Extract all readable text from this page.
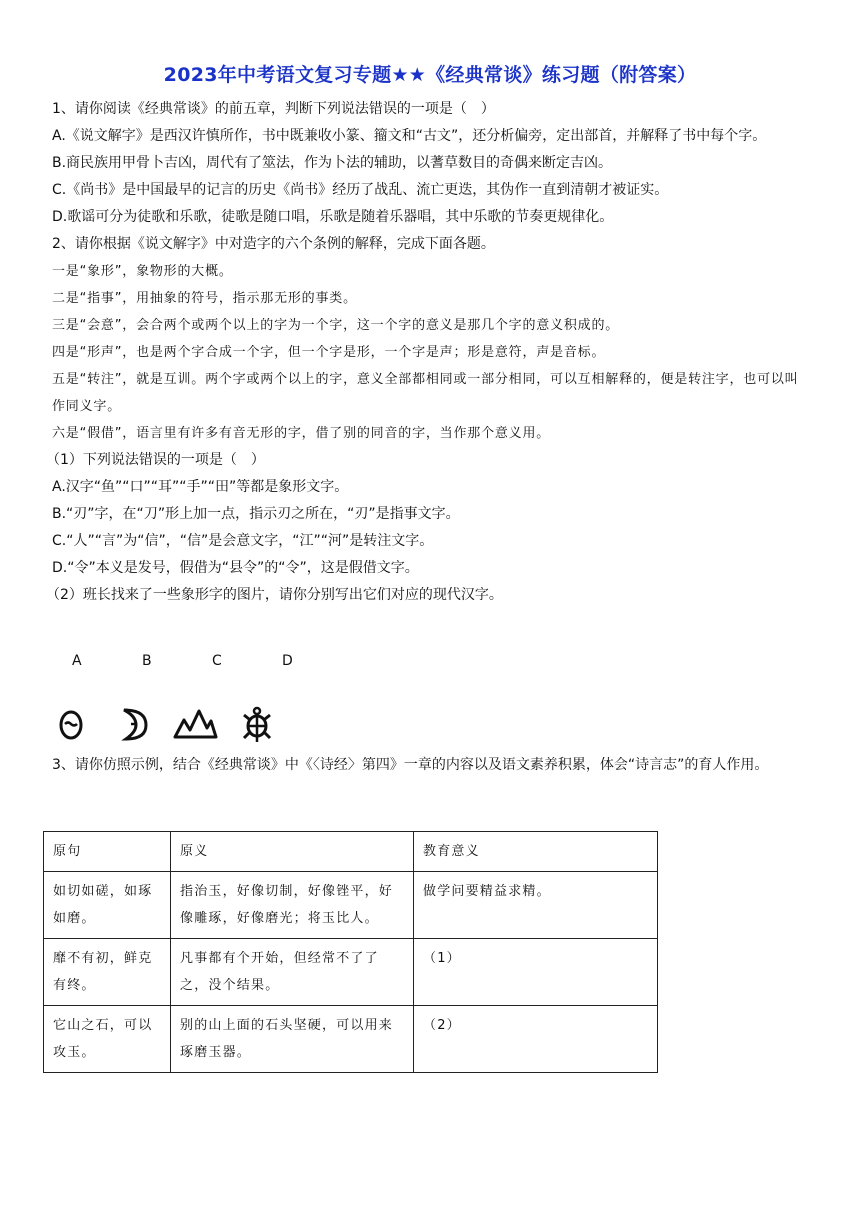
2023年中考语文复习专题★★《经典常谈》练习题（附答案）

1、请你阅读《经典常谈》的前五章，判断下列说法错误的一项是（　）

A.《说文解字》是西汉许慎所作，书中既兼收小篆、籀文和“古文”，还分析偏旁，定出部首，并解释了书中每个字。

B.商民族用甲骨卜吉凶，周代有了筮法，作为卜法的辅助，以蓍草数目的奇偶来断定吉凶。

C.《尚书》是中国最早的记言的历史《尚书》经历了战乱、流亡更迭，其伪作一直到清朝才被证实。

D.歌谣可分为徒歌和乐歌，徒歌是随口唱，乐歌是随着乐器唱，其中乐歌的节奏更规律化。

2、请你根据《说文解字》中对造字的六个条例的解释，完成下面各题。

一是“象形”，象物形的大概。

二是“指事”，用抽象的符号，指示那无形的事类。

三是“会意”，会合两个或两个以上的字为一个字，这一个字的意义是那几个字的意义积成的。

四是“形声”，也是两个字合成一个字，但一个字是形，一个字是声；形是意符，声是音标。

五是“转注”，就是互训。两个字或两个以上的字，意义全部都相同或一部分相同，可以互相解释的，便是转注字，也可以叫作同义字。

六是“假借”，语言里有许多有音无形的字，借了别的同音的字，当作那个意义用。

（1）下列说法错误的一项是（　）

A.汉字“鱼”“口”“耳”“手”“田”等都是象形文字。

B.“刃”字，在“刀”形上加一点，指示刃之所在，“刃”是指事文字。

C.“人”“言”为“信”，“信”是会意文字，“江”“河”是转注文字。

D.“令”本义是发号，假借为“县令”的“令”，这是假借文字。

（2）班长找来了一些象形字的图片，请你分别写出它们对应的现代汉字。

A	B	C	D

3、请你仿照示例，结合《经典常谈》中《〈诗经〉第四》一章的内容以及语文素养积累，体会“诗言志”的育人作用。

原句	原义	教育意义
如切如磋，如琢如磨。	指治玉，好像切制，好像锉平，好像雕琢，好像磨光；将玉比人。	做学问要精益求精。
靡不有初，鲜克有终。	凡事都有个开始，但经常不了了之，没个结果。	（1）
它山之石，可以攻玉。	别的山上面的石头坚硬，可以用来琢磨玉器。	（2）
